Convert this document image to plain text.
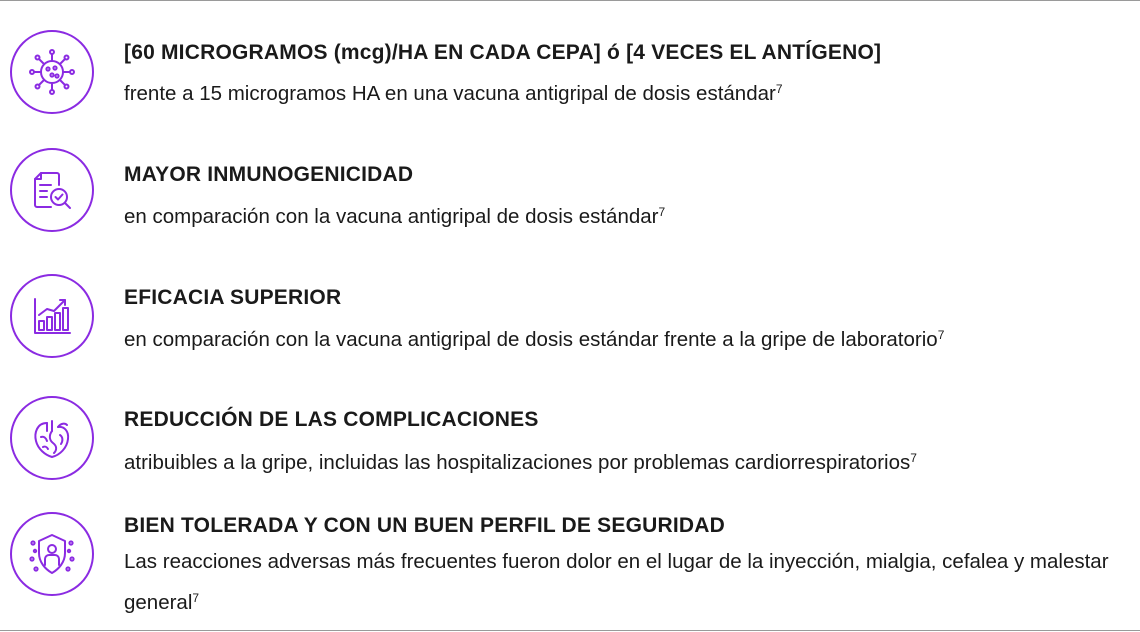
[60 MICROGRAMOS (mcg)/HA EN CADA CEPA] ó [4 VECES EL ANTÍGENO]
frente a 15 microgramos HA en una vacuna antigripal de dosis estándar$^7$
MAYOR INMUNOGENICIDAD
en comparación con la vacuna antigripal de dosis estándar$^7$
EFICACIA SUPERIOR
en comparación con la vacuna antigripal de dosis estándar frente a la gripe de laboratorio$^7$
REDUCCIÓN DE LAS COMPLICACIONES
atribuibles a la gripe, incluidas las hospitalizaciones por problemas cardiorrespiratorios$^7$
BIEN TOLERADA Y CON UN BUEN PERFIL DE SEGURIDAD
Las reacciones adversas más frecuentes fueron dolor en el lugar de la inyección, mialgia, cefalea y malestar general$^7$
